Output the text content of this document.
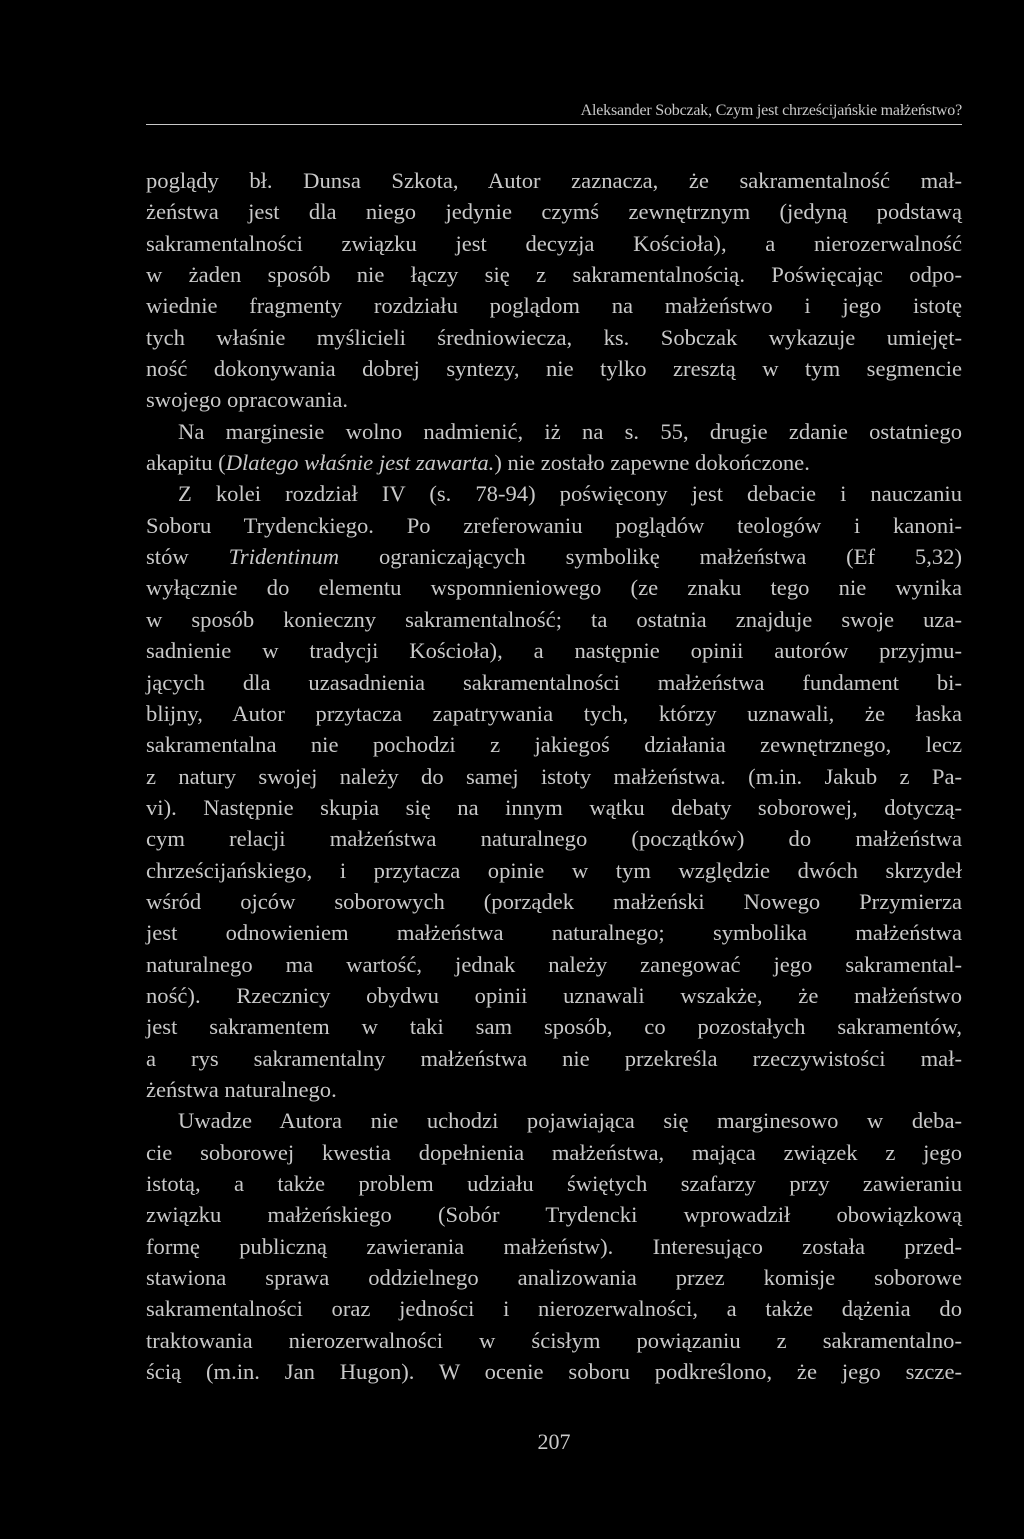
Aleksander Sobczak, Czym jest chrześcijańskie małżeństwo?
poglądy bł. Dunsa Szkota, Autor zaznacza, że sakramentalność mał-
żeństwa jest dla niego jedynie czymś zewnętrznym (jedyną podstawą
sakramentalności związku jest decyzja Kościoła), a nierozerwalność
w żaden sposób nie łączy się z sakramentalnością. Poświęcając odpo-
wiednie fragmenty rozdziału poglądom na małżeństwo i jego istotę
tych właśnie myślicieli średniowiecza, ks. Sobczak wykazuje umiejęt-
ność dokonywania dobrej syntezy, nie tylko zresztą w tym segmencie
swojego opracowania.
Na marginesie wolno nadmienić, iż na s. 55, drugie zdanie ostatniego
akapitu (Dlatego właśnie jest zawarta.) nie zostało zapewne dokończone.
Z kolei rozdział IV (s. 78-94) poświęcony jest debacie i nauczaniu
Soboru Trydenckiego. Po zreferowaniu poglądów teologów i kanoni-
stów Tridentinum ograniczających symbolikę małżeństwa (Ef 5,32)
wyłącznie do elementu wspomnieniowego (ze znaku tego nie wynika
w sposób konieczny sakramentalność; ta ostatnia znajduje swoje uza-
sadnienie w tradycji Kościoła), a następnie opinii autorów przyjmu-
jących dla uzasadnienia sakramentalności małżeństwa fundament bi-
blijny, Autor przytacza zapatrywania tych, którzy uznawali, że łaska
sakramentalna nie pochodzi z jakiegoś działania zewnętrznego, lecz
z natury swojej należy do samej istoty małżeństwa. (m.in. Jakub z Pa-
vi). Następnie skupia się na innym wątku debaty soborowej, dotyczą-
cym relacji małżeństwa naturalnego (początków) do małżeństwa
chrześcijańskiego, i przytacza opinie w tym względzie dwóch skrzydeł
wśród ojców soborowych (porządek małżeński Nowego Przymierza
jest odnowieniem małżeństwa naturalnego; symbolika małżeństwa
naturalnego ma wartość, jednak należy zanegować jego sakramental-
ność). Rzecznicy obydwu opinii uznawali wszakże, że małżeństwo
jest sakramentem w taki sam sposób, co pozostałych sakramentów,
a rys sakramentalny małżeństwa nie przekreśla rzeczywistości mał-
żeństwa naturalnego.
Uwadze Autora nie uchodzi pojawiająca się marginesowo w deba-
cie soborowej kwestia dopełnienia małżeństwa, mająca związek z jego
istotą, a także problem udziału świętych szafarzy przy zawieraniu
związku małżeńskiego (Sobór Trydencki wprowadził obowiązkową
formę publiczną zawierania małżeństw). Interesująco została przed-
stawiona sprawa oddzielnego analizowania przez komisje soborowe
sakramentalności oraz jedności i nierozerwalności, a także dążenia do
traktowania nierozerwalności w ścisłym powiązaniu z sakramentalno-
ścią (m.in. Jan Hugon). W ocenie soboru podkreślono, że jego szcze-
207
